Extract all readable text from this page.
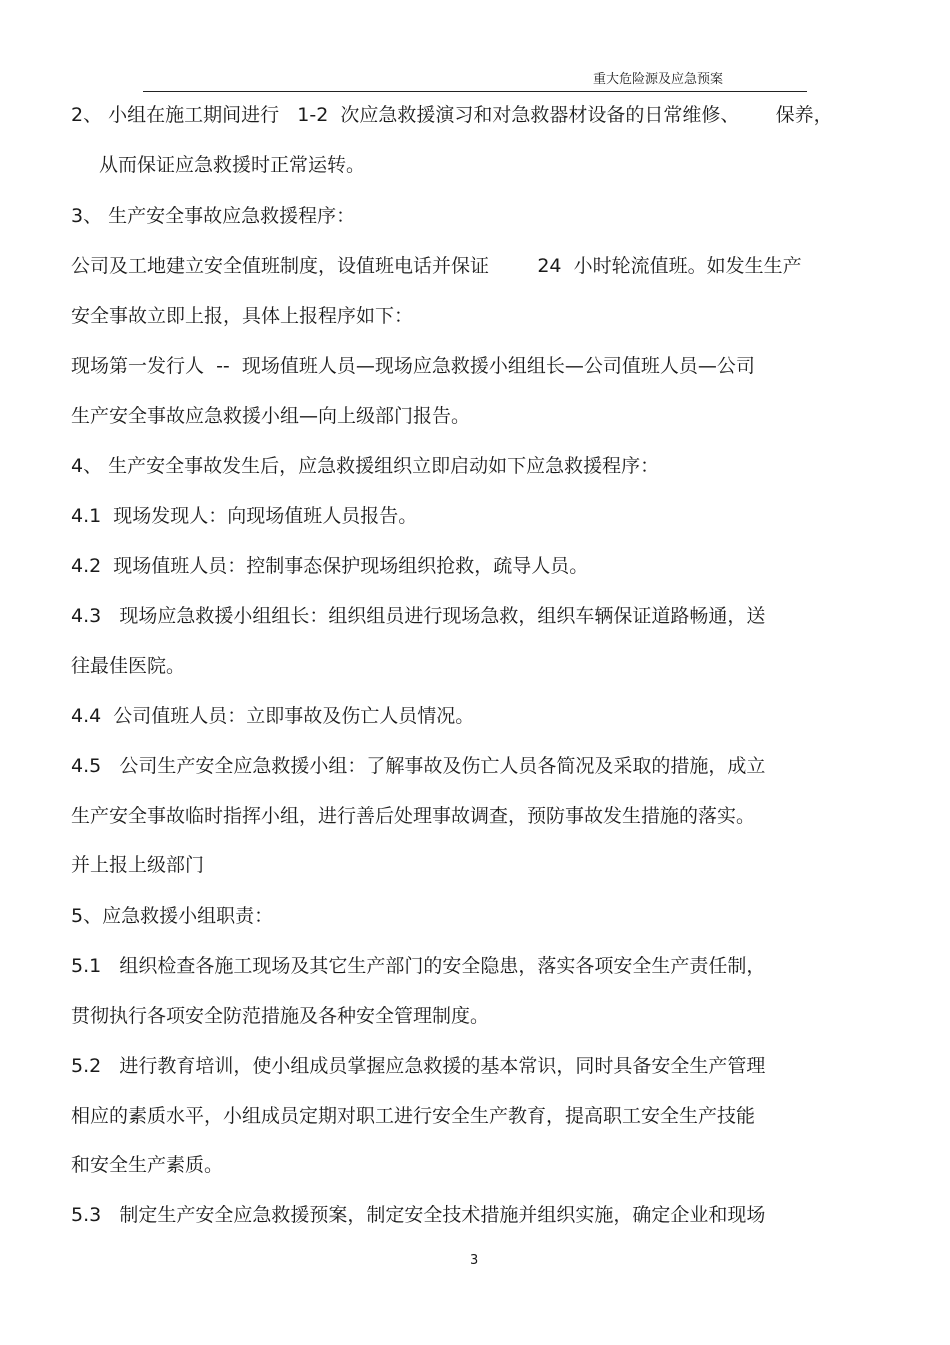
重大危险源及应急预案
2、 小组在施工期间进行   1-2  次应急救援演习和对急救器材设备的日常维修、      保养，
从而保证应急救援时正常运转。
3、 生产安全事故应急救援程序：
公司及工地建立安全值班制度，设值班电话并保证        24  小时轮流值班。如发生生产
安全事故立即上报，具体上报程序如下：
现场第一发行人  --  现场值班人员—现场应急救援小组组长—公司值班人员—公司
生产安全事故应急救援小组—向上级部门报告。
4、 生产安全事故发生后，应急救援组织立即启动如下应急救援程序：
4.1  现场发现人：向现场值班人员报告。
4.2  现场值班人员：控制事态保护现场组织抢救，疏导人员。
4.3   现场应急救援小组组长：组织组员进行现场急救，组织车辆保证道路畅通，送
往最佳医院。
4.4  公司值班人员：立即事故及伤亡人员情况。
4.5   公司生产安全应急救援小组：了解事故及伤亡人员各简况及采取的措施，成立
生产安全事故临时指挥小组，进行善后处理事故调查，预防事故发生措施的落实。
并上报上级部门
5、应急救援小组职责：
5.1   组织检查各施工现场及其它生产部门的安全隐患，落实各项安全生产责任制，
贯彻执行各项安全防范措施及各种安全管理制度。
5.2   进行教育培训，使小组成员掌握应急救援的基本常识，同时具备安全生产管理
相应的素质水平，小组成员定期对职工进行安全生产教育，提高职工安全生产技能
和安全生产素质。
5.3   制定生产安全应急救援预案，制定安全技术措施并组织实施，确定企业和现场
3
